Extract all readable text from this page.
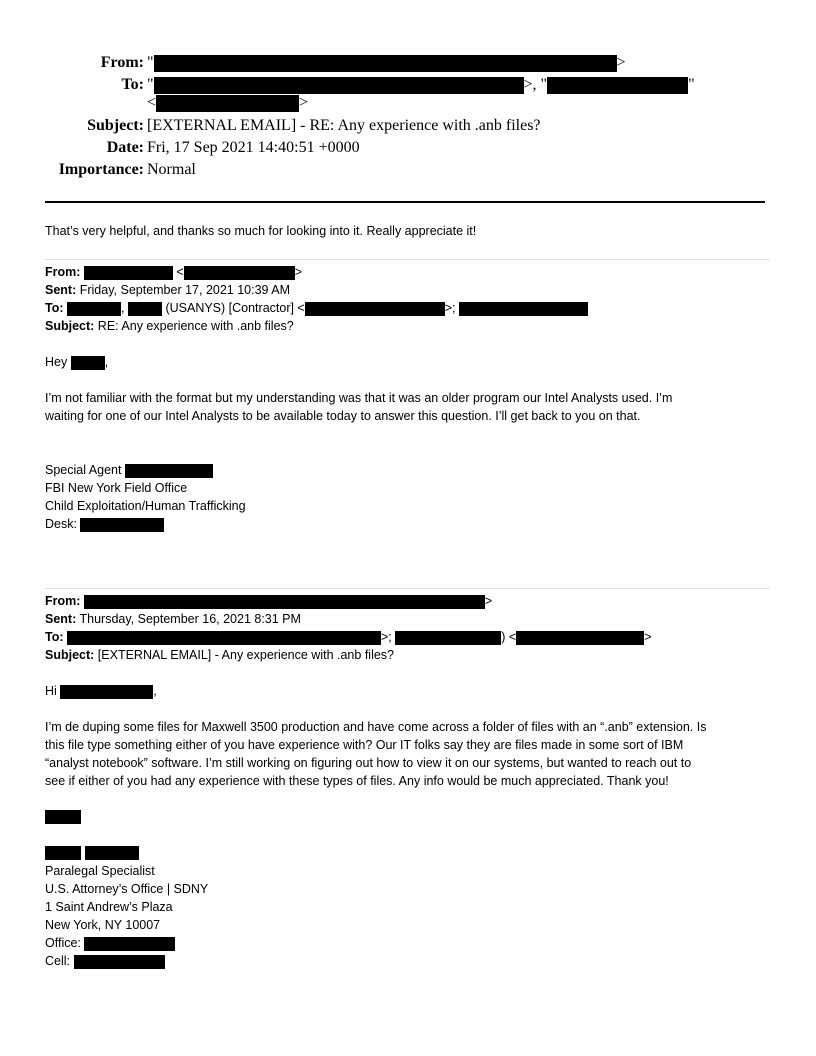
From: "	>
To: "	>, "	"
<	>
Subject: [EXTERNAL EMAIL] - RE: Any experience with .anb files?
Date: Fri, 17 Sep 2021 14:40:51 +0000
Importance: Normal
That’s very helpful, and thanks so much for looking into it. Really appreciate it!
From:	<	>
Sent: Friday, September 17, 2021 10:39 AM
To:	,	(USANYS) [Contractor] <	>;
Subject: RE: Any experience with .anb files?
Hey	,
I’m not familiar with the format but my understanding was that it was an older program our Intel Analysts used. I’m
waiting for one of our Intel Analysts to be available today to answer this question. I’ll get back to you on that.
Special Agent
FBI New York Field Office
Child Exploitation/Human Trafficking
Desk:
From:	>
Sent: Thursday, September 16, 2021 8:31 PM
To:	>;	) <	>
Subject: [EXTERNAL EMAIL] - Any experience with .anb files?
Hi	,
I’m de duping some files for Maxwell 3500 production and have come across a folder of files with an “.anb” extension. Is
this file type something either of you have experience with? Our IT folks say they are files made in some sort of IBM
“analyst notebook” software. I’m still working on figuring out how to view it on our systems, but wanted to reach out to
see if either of you had any experience with these types of files. Any info would be much appreciated. Thank you!
Paralegal Specialist
U.S. Attorney’s Office | SDNY
1 Saint Andrew’s Plaza
New York, NY 10007
Office:
Cell:
